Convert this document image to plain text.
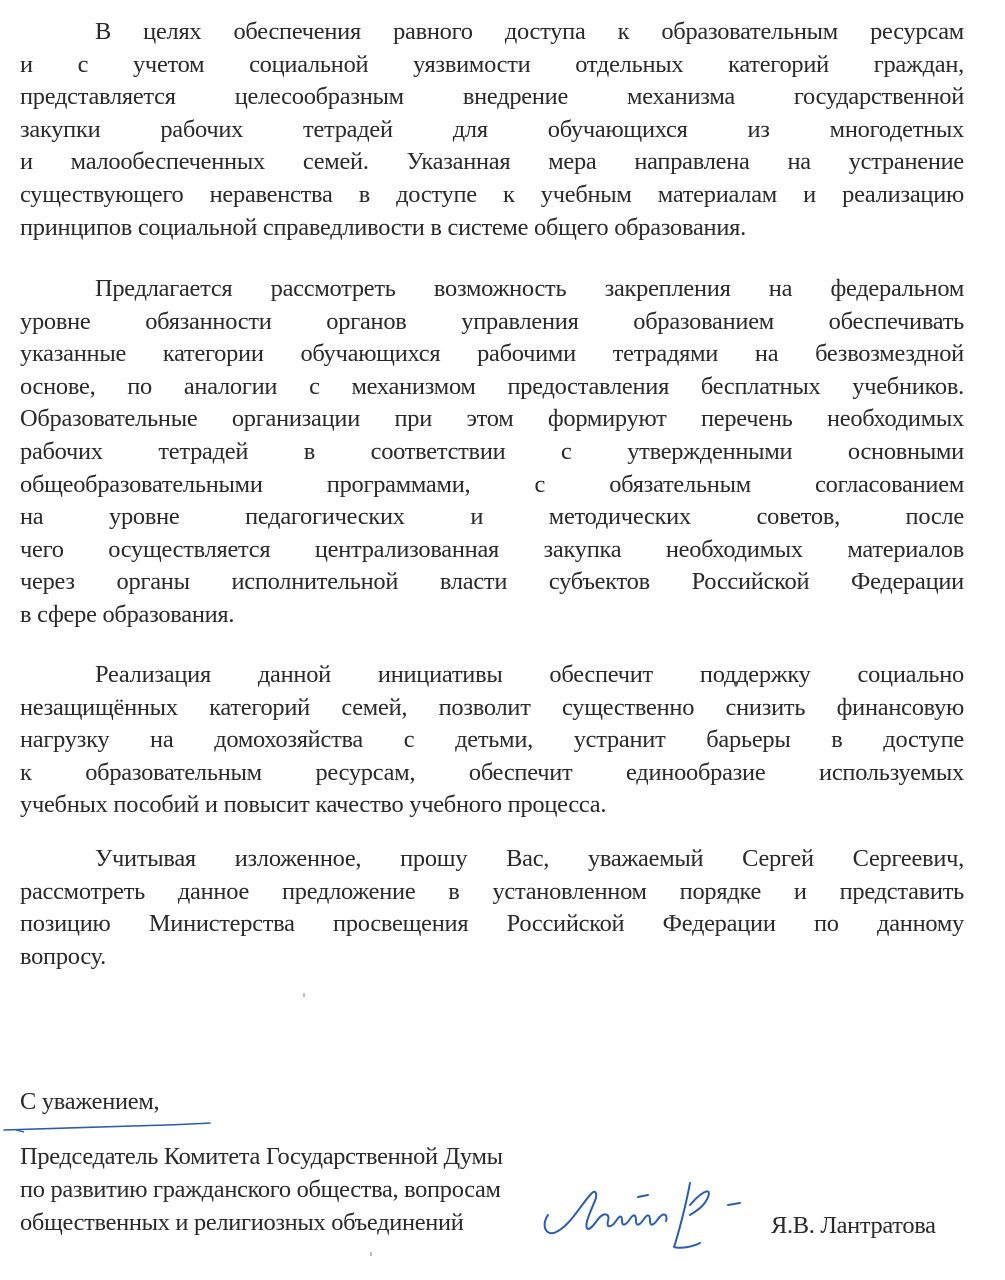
В целях обеспечения равного доступа к образовательным ресурсам
и с учетом социальной уязвимости отдельных категорий граждан,
представляется целесообразным внедрение механизма государственной
закупки рабочих тетрадей для обучающихся из многодетных
и малообеспеченных семей. Указанная мера направлена на устранение
существующего неравенства в доступе к учебным материалам и реализацию
принципов социальной справедливости в системе общего образования.

Предлагается рассмотреть возможность закрепления на федеральном
уровне обязанности органов управления образованием обеспечивать
указанные категории обучающихся рабочими тетрадями на безвозмездной
основе, по аналогии с механизмом предоставления бесплатных учебников.
Образовательные организации при этом формируют перечень необходимых
рабочих тетрадей в соответствии с утвержденными основными
общеобразовательными программами, с обязательным согласованием
на уровне педагогических и методических советов, после
чего осуществляется централизованная закупка необходимых материалов
через органы исполнительной власти субъектов Российской Федерации
в сфере образования.

Реализация данной инициативы обеспечит поддержку социально
незащищённых категорий семей, позволит существенно снизить финансовую
нагрузку на домохозяйства с детьми, устранит барьеры в доступе
к образовательным ресурсам, обеспечит единообразие используемых
учебных пособий и повысит качество учебного процесса.

Учитывая изложенное, прошу Вас, уважаемый Сергей Сергеевич,
рассмотреть данное предложение в установленном порядке и представить
позицию Министерства просвещения Российской Федерации по данному
вопросу.

С уважением,
Председатель Комитета Государственной Думы
по развитию гражданского общества, вопросам
общественных и религиозных объединений	Я.В. Лантратова
